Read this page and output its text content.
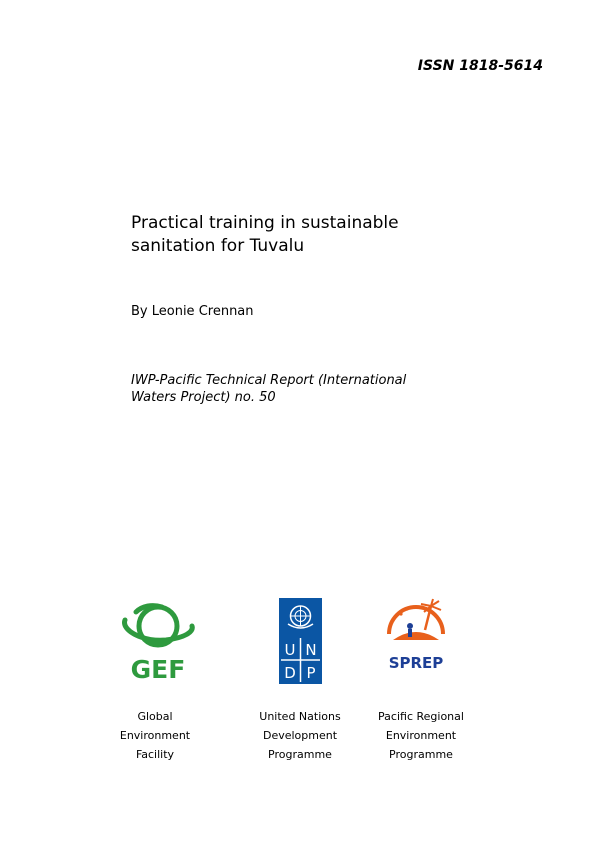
ISSN 1818-5614
Practical training in sustainable
sanitation for Tuvalu
By Leonie Crennan
IWP-Pacific Technical Report (International
Waters Project) no. 50
GEF
U N
D P
SPREP
Global
Environment
Facility
United Nations
Development
Programme
Pacific Regional
Environment
Programme
